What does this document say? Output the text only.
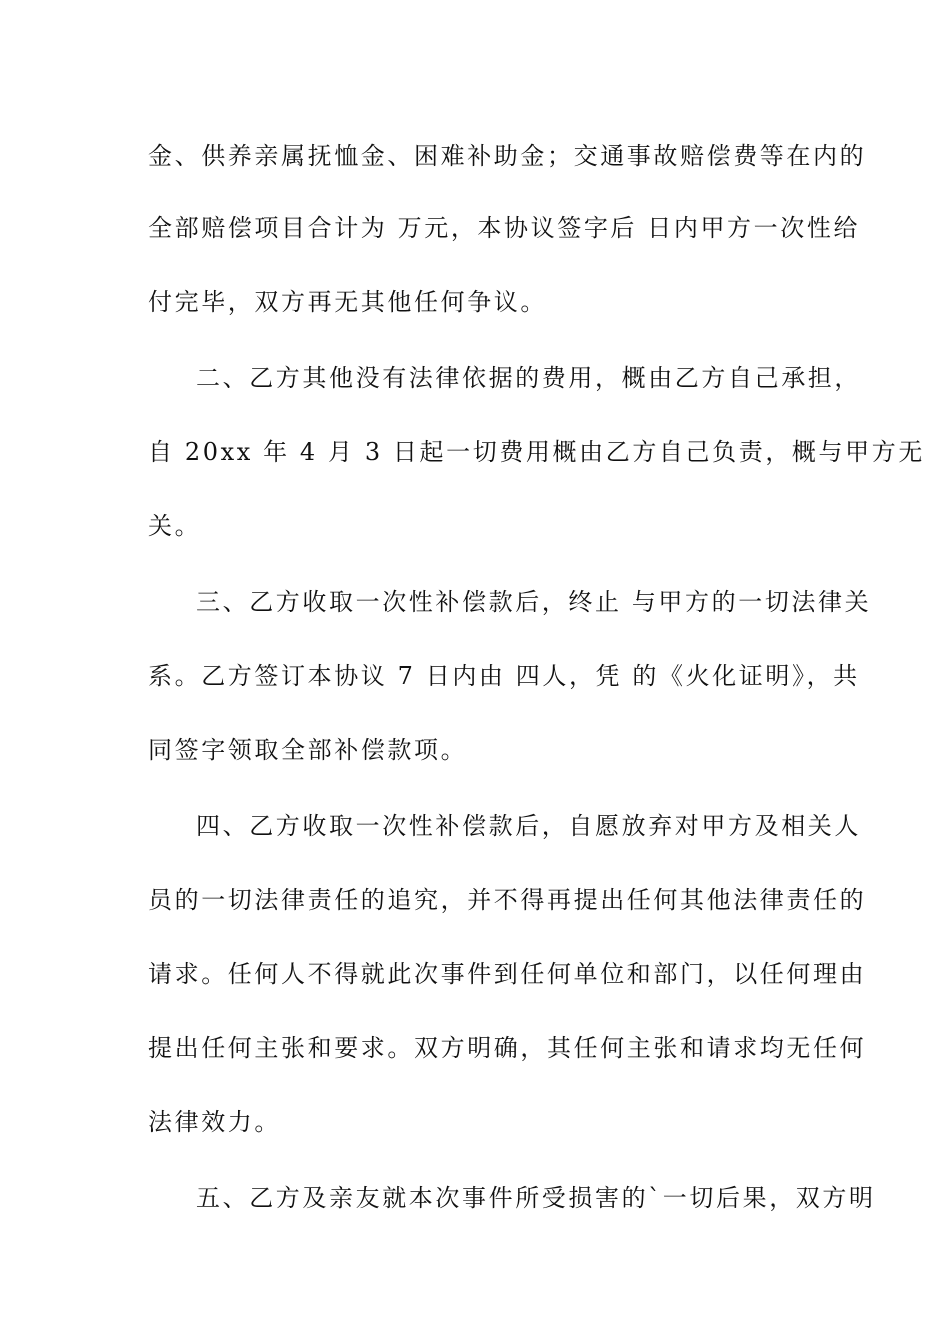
金、供养亲属抚恤金、困难补助金；交通事故赔偿费等在内的
全部赔偿项目合计为 万元，本协议签字后 日内甲方一次性给
付完毕，双方再无其他任何争议。
二、乙方其他没有法律依据的费用，概由乙方自己承担，
自 20xx 年 4 月 3 日起一切费用概由乙方自己负责，概与甲方无
关。
三、乙方收取一次性补偿款后，终止 与甲方的一切法律关
系。乙方签订本协议 7 日内由 四人，凭 的《火化证明》，共
同签字领取全部补偿款项。
四、乙方收取一次性补偿款后，自愿放弃对甲方及相关人
员的一切法律责任的追究，并不得再提出任何其他法律责任的
请求。任何人不得就此次事件到任何单位和部门，以任何理由
提出任何主张和要求。双方明确，其任何主张和请求均无任何
法律效力。
五、乙方及亲友就本次事件所受损害的`一切后果，双方明
